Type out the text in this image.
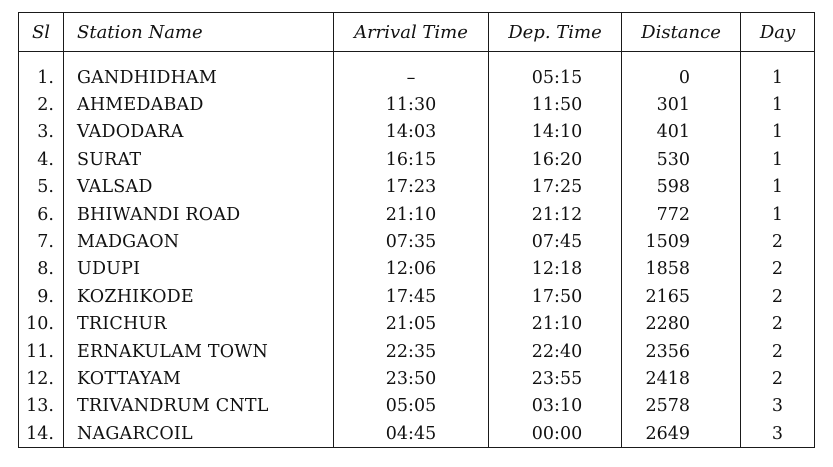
Sl	Station Name	Arrival Time	Dep. Time	Distance	Day
1.	GANDHIDHAM	–	05:15	0	1
2.	AHMEDABAD	11:30	11:50	301	1
3.	VADODARA	14:03	14:10	401	1
4.	SURAT	16:15	16:20	530	1
5.	VALSAD	17:23	17:25	598	1
6.	BHIWANDI ROAD	21:10	21:12	772	1
7.	MADGAON	07:35	07:45	1509	2
8.	UDUPI	12:06	12:18	1858	2
9.	KOZHIKODE	17:45	17:50	2165	2
10.	TRICHUR	21:05	21:10	2280	2
11.	ERNAKULAM TOWN	22:35	22:40	2356	2
12.	KOTTAYAM	23:50	23:55	2418	2
13.	TRIVANDRUM CNTL	05:05	03:10	2578	3
14.	NAGARCOIL	04:45	00:00	2649	3
